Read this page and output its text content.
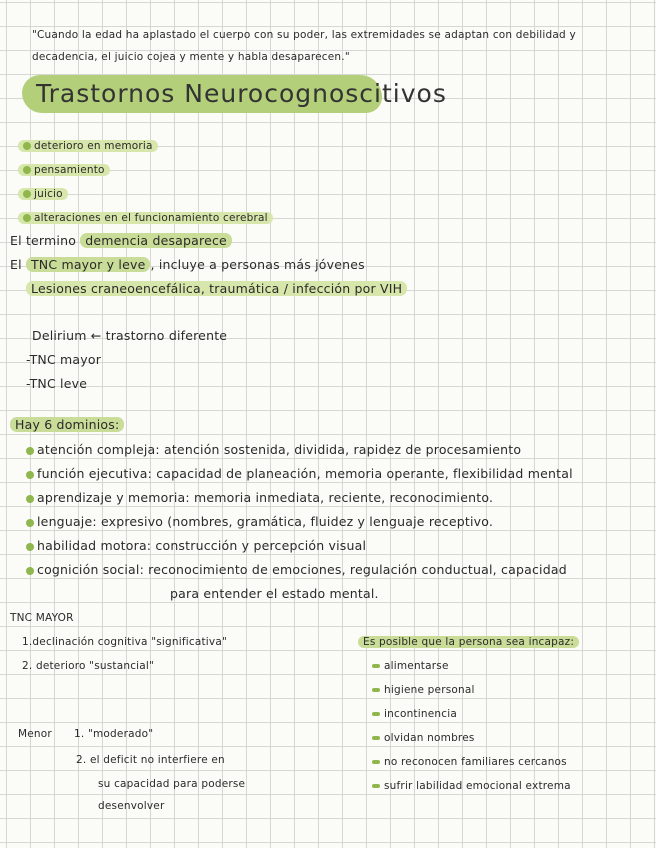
"Cuando la edad ha aplastado el cuerpo con su poder, las extremidades se adaptan con debilidad y
decadencia, el juicio cojea y mente y habla desaparecen."
Trastornos Neurocognoscitivos
deterioro en memoria
pensamiento
juicio
alteraciones en el funcionamiento cerebral
El termino demencia desaparece
El TNC mayor y leve , incluye a personas más jóvenes
Lesiones craneoencefálica, traumática / infección por VIH
Delirium ← trastorno diferente
-TNC mayor
-TNC leve
Hay 6 dominios:
atención compleja: atención sostenida, dividida, rapidez de procesamiento
función ejecutiva: capacidad de planeación, memoria operante, flexibilidad mental
aprendizaje y memoria: memoria inmediata, reciente, reconocimiento.
lenguaje: expresivo (nombres, gramática, fluidez y lenguaje receptivo.
habilidad motora: construcción y percepción visual
cognición social: reconocimiento de emociones, regulación conductual, capacidad
para entender el estado mental.
TNC MAYOR
1.declinación cognitiva "significativa"
2. deterioro "sustancial"
Es posible que la persona sea incapaz:
alimentarse
higiene personal
incontinencia
olvidan nombres
no reconocen familiares cercanos
sufrir labilidad emocional extrema
Menor 1. "moderado"
2. el deficit no interfiere en
su capacidad para poderse
desenvolver
